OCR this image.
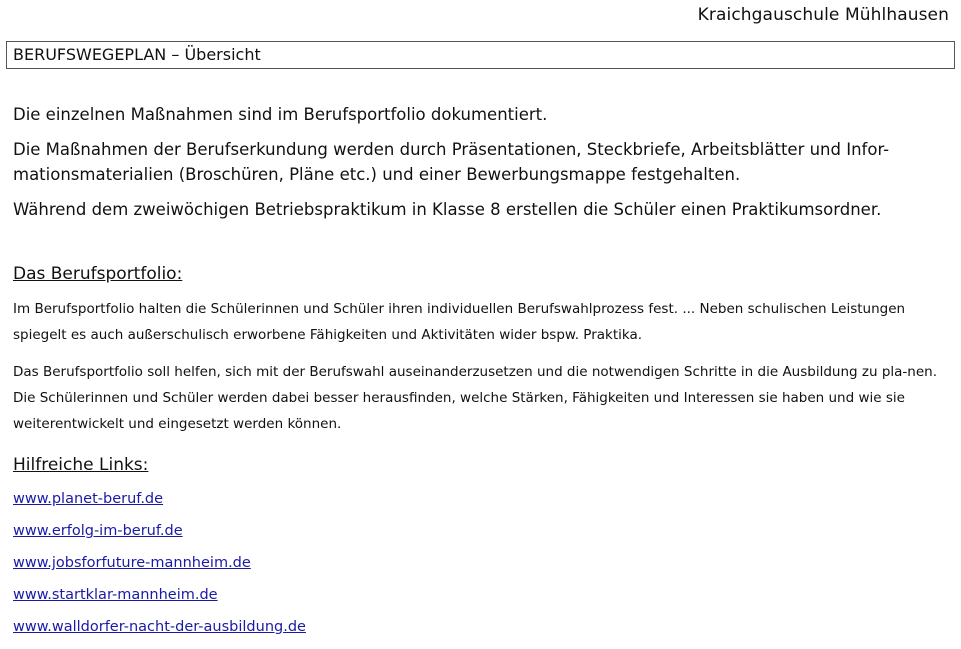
Kraichgauschule Mühlhausen
BERUFSWEGEPLAN – Übersicht

Die einzelnen Maßnahmen sind im Berufsportfolio dokumentiert.

Die Maßnahmen der Berufserkundung werden durch Präsentationen, Steckbriefe, Arbeitsblätter und Infor-mationsmaterialien (Broschüren, Pläne etc.) und einer Bewerbungsmappe festgehalten.

Während dem zweiwöchigen Betriebspraktikum in Klasse 8 erstellen die Schüler einen Praktikumsordner.

Das Berufsportfolio:

Im Berufsportfolio halten die Schülerinnen und Schüler ihren individuellen Berufswahlprozess fest. ... Neben schulischen Leistungen spiegelt es auch außerschulisch erworbene Fähigkeiten und Aktivitäten wider bspw. Praktika.

Das Berufsportfolio soll helfen, sich mit der Berufswahl auseinanderzusetzen und die notwendigen Schritte in die Ausbildung zu pla-nen. Die Schülerinnen und Schüler werden dabei besser herausfinden, welche Stärken, Fähigkeiten und Interessen sie haben und wie sie weiterentwickelt und eingesetzt werden können.

Hilfreiche Links:
www.planet-beruf.de
www.erfolg-im-beruf.de
www.jobsforfuture-mannheim.de
www.startklar-mannheim.de
www.walldorfer-nacht-der-ausbildung.de
